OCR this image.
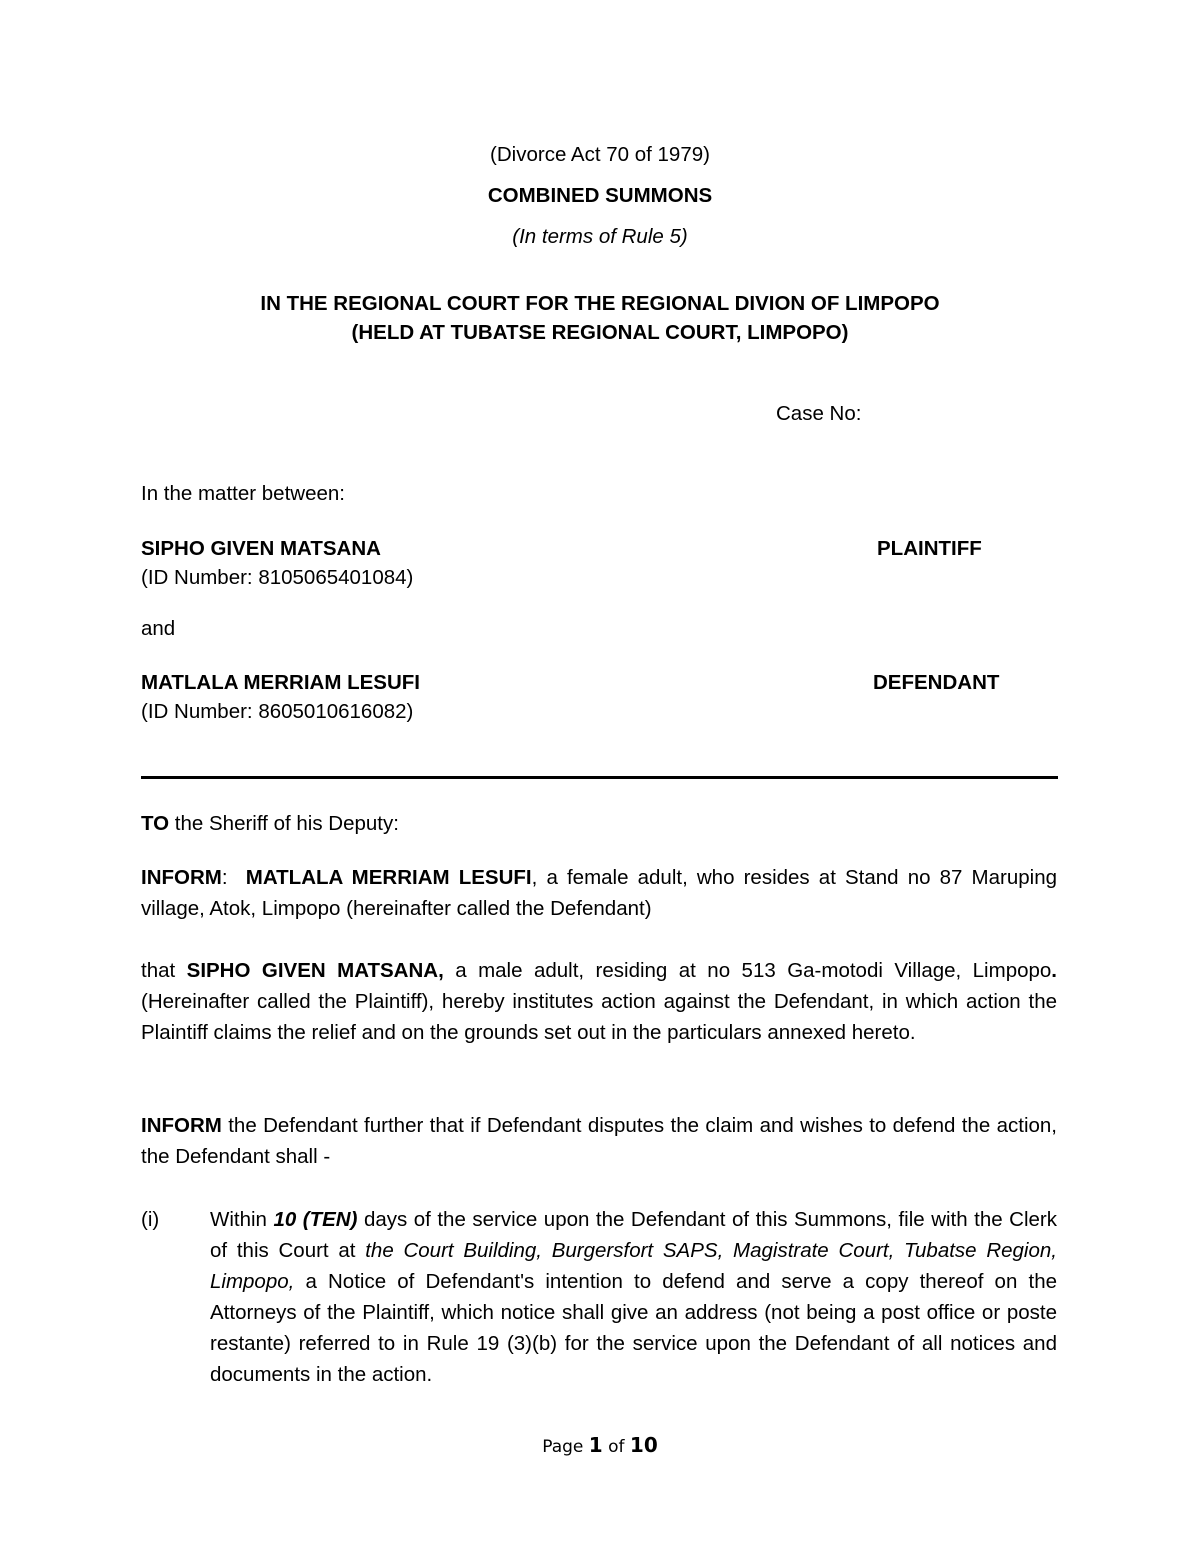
(Divorce Act 70 of 1979)
COMBINED SUMMONS
(In terms of Rule 5)
IN THE REGIONAL COURT FOR THE REGIONAL DIVION OF LIMPOPO
(HELD AT TUBATSE REGIONAL COURT, LIMPOPO)
Case No:
In the matter between:
SIPHO GIVEN MATSANA	PLAINTIFF
(ID Number: 8105065401084)
and
MATLALA MERRIAM LESUFI	DEFENDANT
(ID Number: 8605010616082)
TO the Sheriff of his Deputy:
INFORM:  MATLALA MERRIAM LESUFI, a female adult, who resides at Stand no 87 Maruping village, Atok, Limpopo (hereinafter called the Defendant)
that SIPHO GIVEN MATSANA, a male adult, residing at no 513 Ga-motodi Village, Limpopo. (Hereinafter called the Plaintiff), hereby institutes action against the Defendant, in which action the Plaintiff claims the relief and on the grounds set out in the particulars annexed hereto.
INFORM the Defendant further that if Defendant disputes the claim and wishes to defend the action, the Defendant shall -
(i) Within 10 (TEN) days of the service upon the Defendant of this Summons, file with the Clerk of this Court at the Court Building, Burgersfort SAPS, Magistrate Court, Tubatse Region, Limpopo, a Notice of Defendant's intention to defend and serve a copy thereof on the Attorneys of the Plaintiff, which notice shall give an address (not being a post office or poste restante) referred to in Rule 19 (3)(b) for the service upon the Defendant of all notices and documents in the action.
Page 1 of 10
